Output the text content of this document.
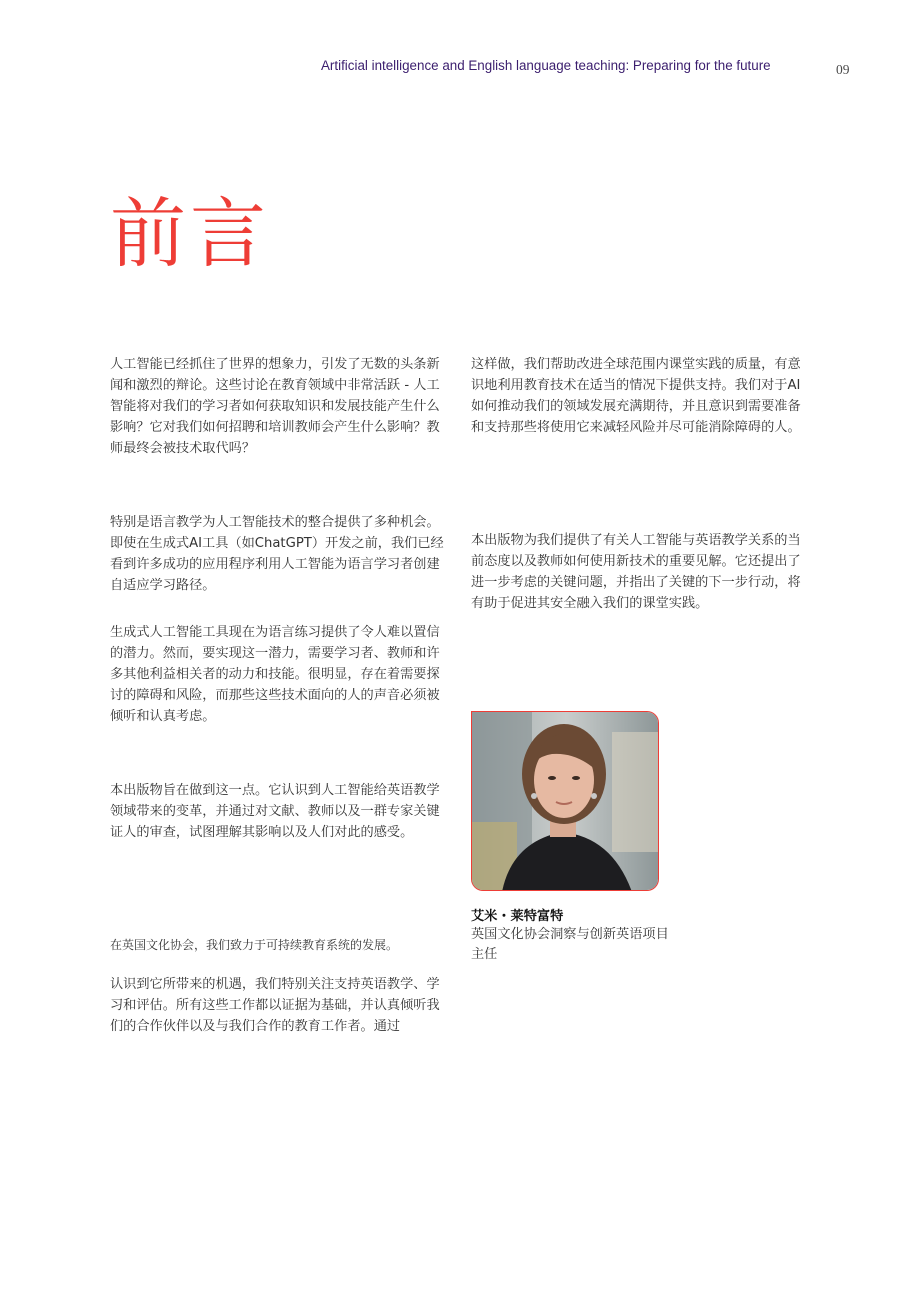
Artificial intelligence and English language teaching: Preparing for the future	09
前言

人工智能已经抓住了世界的想象力，引发了无数的头条新闻和激烈的辩论。这些讨论在教育领域中非常活跃 - 人工智能将对我们的学习者如何获取知识和发展技能产生什么影响？它对我们如何招聘和培训教师会产生什么影响？教师最终会被技术取代吗？

特别是语言教学为人工智能技术的整合提供了多种机会。即使在生成式AI工具（如ChatGPT）开发之前，我们已经看到许多成功的应用程序利用人工智能为语言学习者创建自适应学习路径。

生成式人工智能工具现在为语言练习提供了令人难以置信的潜力。然而，要实现这一潜力，需要学习者、教师和许多其他利益相关者的动力和技能。很明显，存在着需要探讨的障碍和风险，而那些这些技术面向的人的声音必须被倾听和认真考虑。

本出版物旨在做到这一点。它认识到人工智能给英语教学领域带来的变革，并通过对文献、教师以及一群专家关键证人的审查，试图理解其影响以及人们对此的感受。

在英国文化协会，我们致力于可持续教育系统的发展。

认识到它所带来的机遇，我们特别关注支持英语教学、学习和评估。所有这些工作都以证据为基础，并认真倾听我们的合作伙伴以及与我们合作的教育工作者。通过

这样做，我们帮助改进全球范围内课堂实践的质量，有意识地利用教育技术在适当的情况下提供支持。我们对于AI如何推动我们的领域发展充满期待，并且意识到需要准备和支持那些将使用它来减轻风险并尽可能消除障碍的人。

本出版物为我们提供了有关人工智能与英语教学关系的当前态度以及教师如何使用新技术的重要见解。它还提出了进一步考虑的关键问题，并指出了关键的下一步行动，将有助于促进其安全融入我们的课堂实践。

艾米・莱特富特
英国文化协会洞察与创新英语项目主任
